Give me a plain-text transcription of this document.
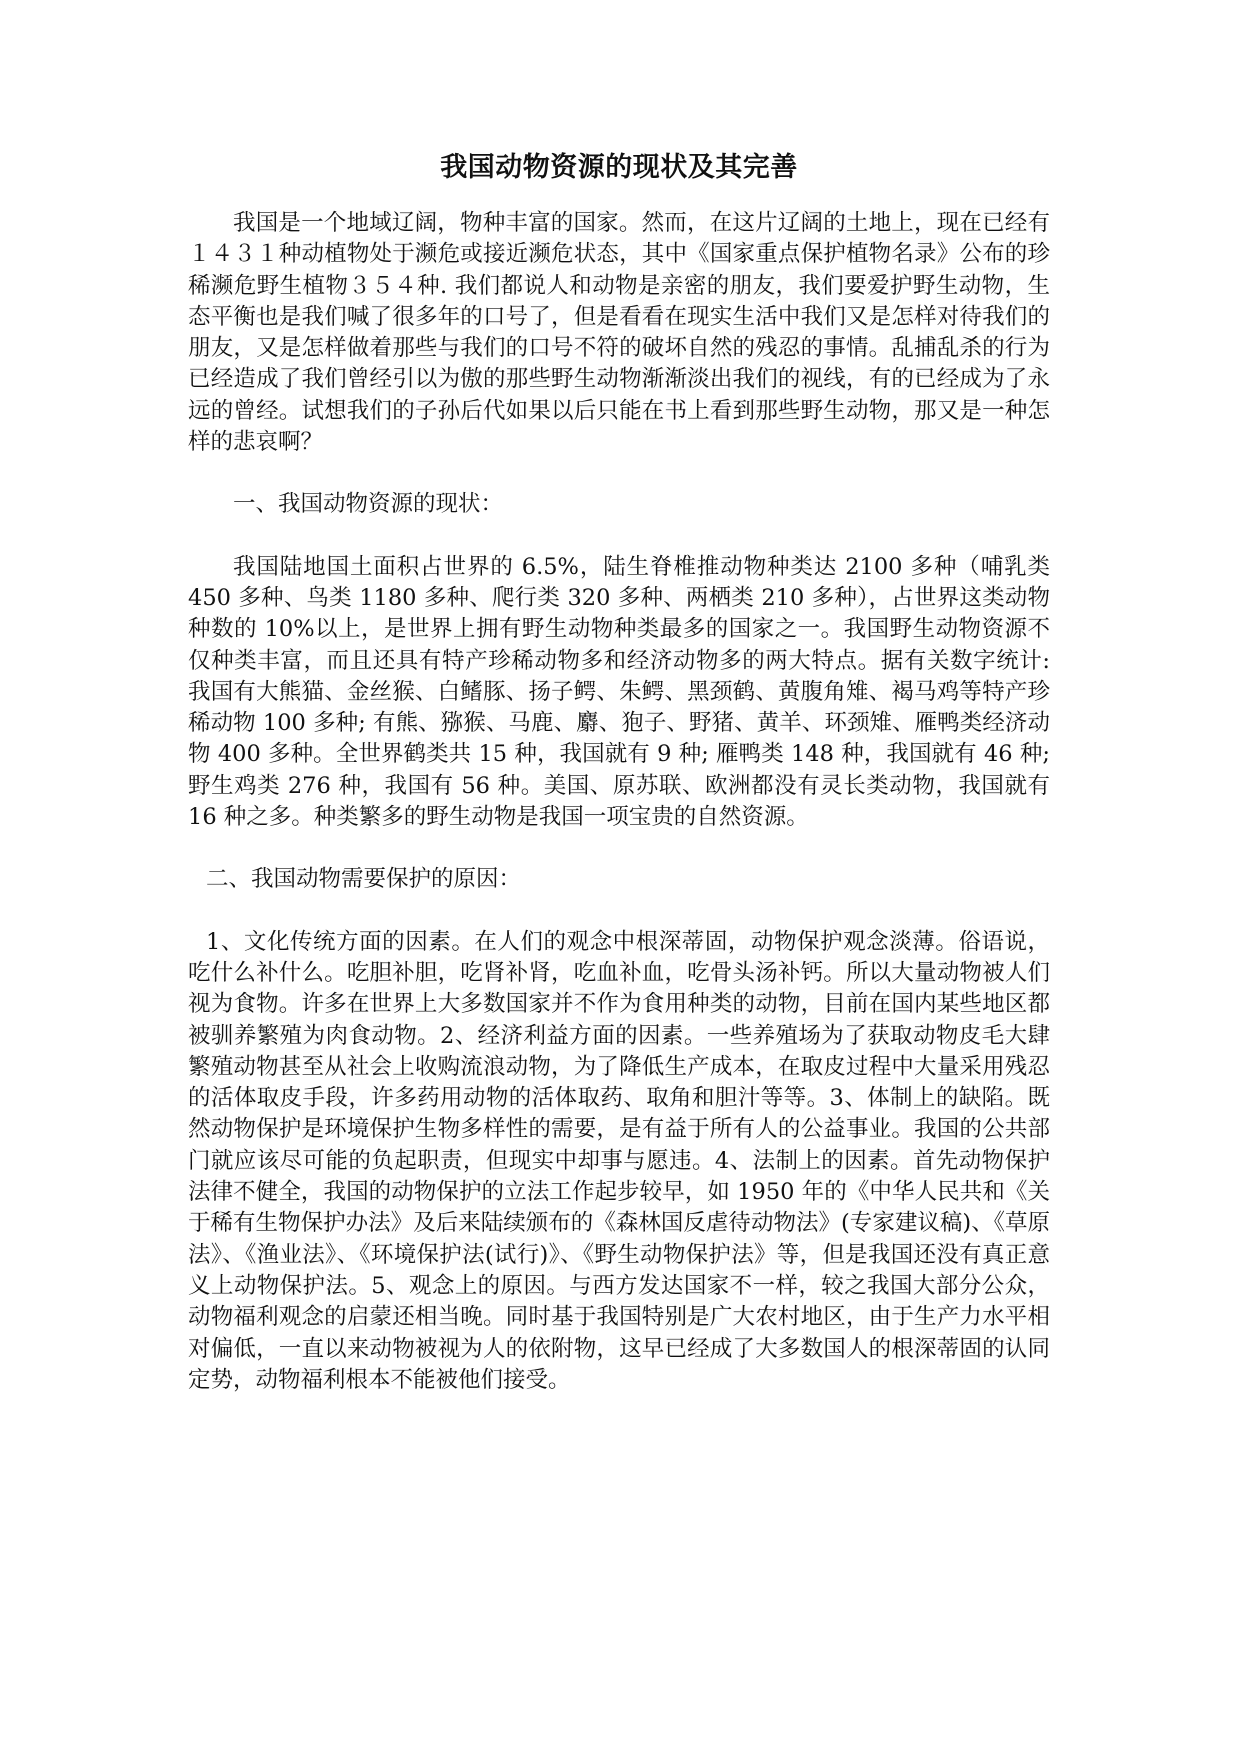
我国动物资源的现状及其完善

我国是一个地域辽阔，物种丰富的国家。然而，在这片辽阔的土地上，现在已经有１４３１种动植物处于濒危或接近濒危状态，其中《国家重点保护植物名录》公布的珍稀濒危野生植物３５４种. 我们都说人和动物是亲密的朋友，我们要爱护野生动物，生态平衡也是我们喊了很多年的口号了，但是看看在现实生活中我们又是怎样对待我们的朋友，又是怎样做着那些与我们的口号不符的破坏自然的残忍的事情。乱捕乱杀的行为已经造成了我们曾经引以为傲的那些野生动物渐渐淡出我们的视线，有的已经成为了永远的曾经。试想我们的子孙后代如果以后只能在书上看到那些野生动物，那又是一种怎样的悲哀啊？

一、我国动物资源的现状：

我国陆地国土面积占世界的 6.5%，陆生脊椎推动物种类达 2100 多种（哺乳类 450 多种、鸟类 1180 多种、爬行类 320 多种、两栖类 210 多种），占世界这类动物种数的 10%以上，是世界上拥有野生动物种类最多的国家之一。我国野生动物资源不仅种类丰富，而且还具有特产珍稀动物多和经济动物多的两大特点。据有关数字统计: 我国有大熊猫、金丝猴、白鳍豚、扬子鳄、朱鳄、黑颈鹤、黄腹角雉、褐马鸡等特产珍稀动物 100 多种; 有熊、猕猴、马鹿、麝、狍子、野猪、黄羊、环颈雉、雁鸭类经济动物 400 多种。全世界鹤类共 15 种，我国就有 9 种; 雁鸭类 148 种，我国就有 46 种; 野生鸡类 276 种，我国有 56 种。美国、原苏联、欧洲都没有灵长类动物，我国就有 16 种之多。种类繁多的野生动物是我国一项宝贵的自然资源。

二、我国动物需要保护的原因：

1、文化传统方面的因素。在人们的观念中根深蒂固，动物保护观念淡薄。俗语说，吃什么补什么。吃胆补胆，吃肾补肾，吃血补血，吃骨头汤补钙。所以大量动物被人们视为食物。许多在世界上大多数国家并不作为食用种类的动物，目前在国内某些地区都被驯养繁殖为肉食动物。2、经济利益方面的因素。一些养殖场为了获取动物皮毛大肆繁殖动物甚至从社会上收购流浪动物，为了降低生产成本，在取皮过程中大量采用残忍的活体取皮手段，许多药用动物的活体取药、取角和胆汁等等。3、体制上的缺陷。既然动物保护是环境保护生物多样性的需要，是有益于所有人的公益事业。我国的公共部门就应该尽可能的负起职责，但现实中却事与愿违。4、法制上的因素。首先动物保护法律不健全，我国的动物保护的立法工作起步较早，如 1950 年的《中华人民共和《关于稀有生物保护办法》及后来陆续颁布的《森林国反虐待动物法》(专家建议稿)、《草原法》、《渔业法》、《环境保护法(试行)》、《野生动物保护法》等，但是我国还没有真正意义上动物保护法。5、观念上的原因。与西方发达国家不一样，较之我国大部分公众，动物福利观念的启蒙还相当晚。同时基于我国特别是广大农村地区，由于生产力水平相对偏低，一直以来动物被视为人的依附物，这早已经成了大多数国人的根深蒂固的认同定势，动物福利根本不能被他们接受。
